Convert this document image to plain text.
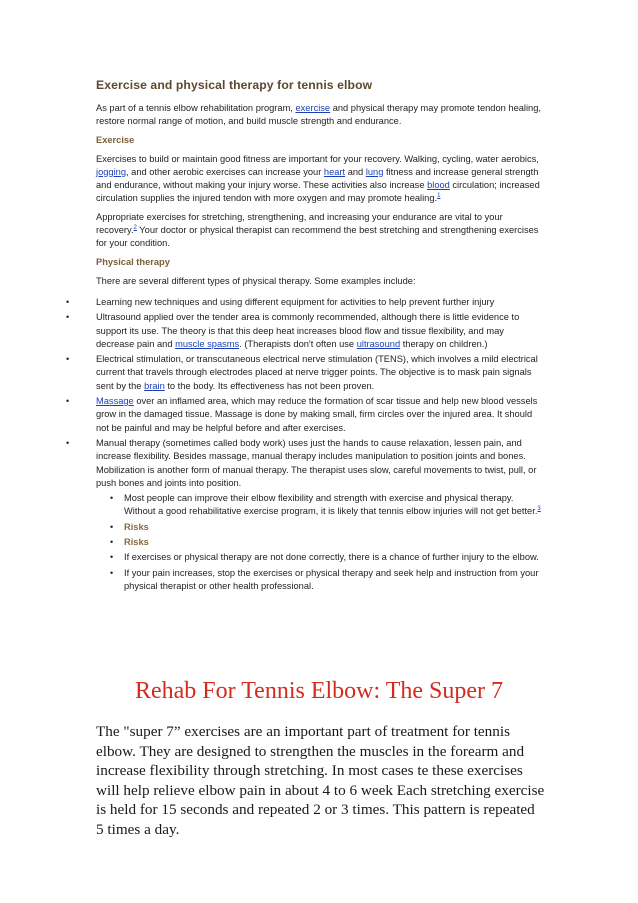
Exercise and physical therapy for tennis elbow

As part of a tennis elbow rehabilitation program, exercise and physical therapy may promote tendon healing, restore normal range of motion, and build muscle strength and endurance.

Exercise

Exercises to build or maintain good fitness are important for your recovery. Walking, cycling, water aerobics, jogging, and other aerobic exercises can increase your heart and lung fitness and increase general strength and endurance, without making your injury worse. These activities also increase blood circulation; increased circulation supplies the injured tendon with more oxygen and may promote healing.$^1$

Appropriate exercises for stretching, strengthening, and increasing your endurance are vital to your recovery.$^2$ Your doctor or physical therapist can recommend the best stretching and strengthening exercises for your condition.

Physical therapy

There are several different types of physical therapy. Some examples include:

•	Learning new techniques and using different equipment for activities to help prevent further injury
•	Ultrasound applied over the tender area is commonly recommended, although there is little evidence to support its use. The theory is that this deep heat increases blood flow and tissue flexibility, and may decrease pain and muscle spasms. (Therapists don't often use ultrasound therapy on children.)
•	Electrical stimulation, or transcutaneous electrical nerve stimulation (TENS), which involves a mild electrical current that travels through electrodes placed at nerve trigger points. The objective is to mask pain signals sent by the brain to the body. Its effectiveness has not been proven.
•	Massage over an inflamed area, which may reduce the formation of scar tissue and help new blood vessels grow in the damaged tissue. Massage is done by making small, firm circles over the injured area. It should not be painful and may be helpful before and after exercises.
•	Manual therapy (sometimes called body work) uses just the hands to cause relaxation, lessen pain, and increase flexibility. Besides massage, manual therapy includes manipulation to position joints and bones. Mobilization is another form of manual therapy. The therapist uses slow, careful movements to twist, pull, or push bones and joints into position.
• Most people can improve their elbow flexibility and strength with exercise and physical therapy. Without a good rehabilitative exercise program, it is likely that tennis elbow injuries will not get better.$^3$
• Risks
• Risks
• If exercises or physical therapy are not done correctly, there is a chance of further injury to the elbow.
• If your pain increases, stop the exercises or physical therapy and seek help and instruction from your physical therapist or other health professional.
Rehab For Tennis Elbow: The Super 7
The "super 7” exercises are an important part of treatment for tennis elbow. They are designed to strengthen the muscles in the forearm and increase flexibility through stretching. In most cases te these exercises will help relieve elbow pain in about 4 to 6 week Each stretching exercise is held for 15 seconds and repeated 2 or 3 times. This pattern is repeated 5 times a day.
